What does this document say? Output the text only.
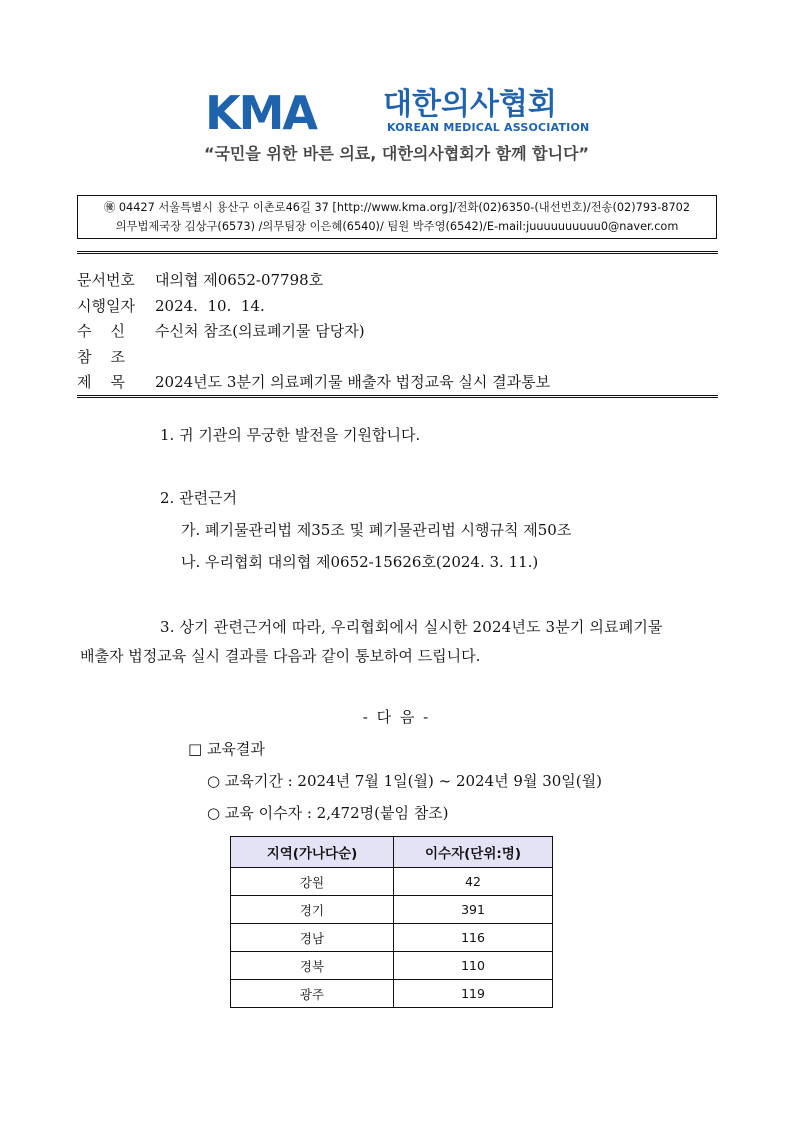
KMA 대한의사협회
KOREAN MEDICAL ASSOCIATION
“국민을 위한 바른 의료, 대한의사협회가 함께 합니다”
㊝ 04427 서울특별시 용산구 이촌로46길 37 [http://www.kma.org]/전화(02)6350-(내선번호)/전송(02)793-8702
의무법제국장 김상구(6573) /의무팀장 이은혜(6540)/ 팀원 박주영(6542)/E-mail:juuuuuuuuuu0@naver.com
문서번호 대의협 제0652-07798호
시행일자 2024.  10.  14.
수    신 수신처 참조(의료폐기물 담당자)
참    조
제    목 2024년도 3분기 의료폐기물 배출자 법정교육 실시 결과통보
1. 귀 기관의 무궁한 발전을 기원합니다.
2. 관련근거
가. 폐기물관리법 제35조 및 폐기물관리법 시행규칙 제50조
나. 우리협회 대의협 제0652-15626호(2024. 3. 11.)
3. 상기 관련근거에 따라, 우리협회에서 실시한 2024년도 3분기 의료폐기물
배출자 법정교육 실시 결과를 다음과 같이 통보하여 드립니다.
- 다 음 -
□ 교육결과
○ 교육기간 : 2024년 7월 1일(월) ~ 2024년 9월 30일(월)
○ 교육 이수자 : 2,472명(붙임 참조)
지역(가나다순)	이수자(단위:명)
강원	42
경기	391
경남	116
경북	110
광주	119
